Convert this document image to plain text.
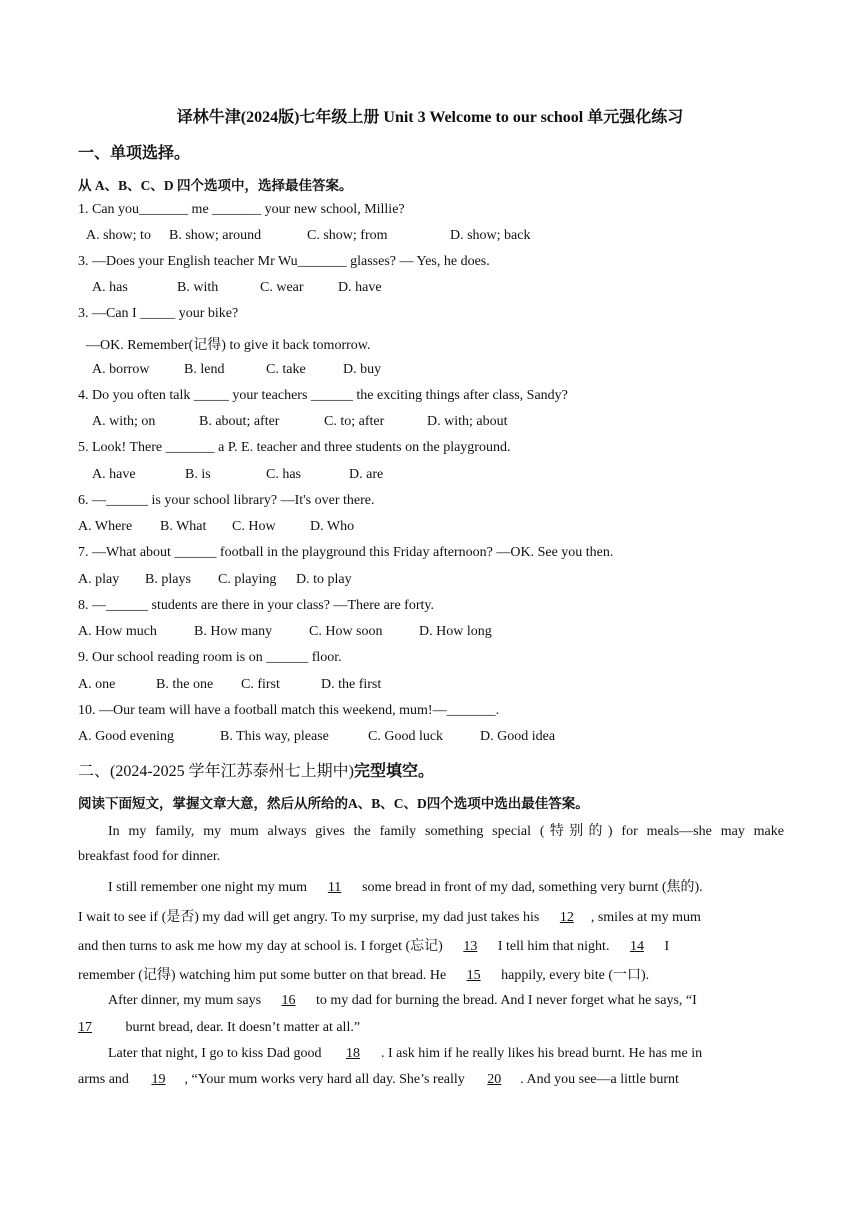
译林牛津(2024版)七年级上册 Unit 3 Welcome to our school 单元强化练习
一、单项选择。
从 A、B、C、D 四个选项中，选择最佳答案。
1. Can you_______ me _______ your new school, Millie?
A. show; to B. show; around	C. show; from	D. show; back
3. —Does your English teacher Mr Wu_______ glasses? — Yes, he does.
A. has	B. with	C. wear D. have
3. —Can I _____ your bike?
—OK. Remember(记得) to give it back tomorrow.
A. borrow B. lend	C. take	D. buy
4. Do you often talk _____ your teachers ______ the exciting things after class, Sandy?
A. with; on	B. about; after	C. to; after	D. with; about
5. Look! There _______ a P. E. teacher and three students on the playground.
A. have	B. is	C. has	D. are
6. —______ is your school library? —It's over there.
A. Where B. What C. How D. Who
7. —What about ______ football in the playground this Friday afternoon? —OK. See you then.
A. play B. plays C. playing D. to play
8. —______ students are there in your class? —There are forty.
A. How much	B. How many	C. How soon	D. How long
9. Our school reading room is on ______ floor.
A. one	B. the one C. first	D. the first
10. —Our team will have a football match this weekend, mum!—_______.
A. Good evening	B. This way, please	C. Good luck	D. Good idea
二、(2024-2025 学年江苏泰州七上期中)完型填空。
阅读下面短文，掌握文章大意，然后从所给的A、B、C、D四个选项中选出最佳答案。
In my family, my mum always gives the family something special (特别的) for meals—she may make
breakfast food for dinner.
I still remember one night my mum 11 some bread in front of my dad, something very burnt (焦的).
I wait to see if (是否) my dad will get angry. To my surprise, my dad just takes his 12 , smiles at my mum
and then turns to ask me how my day at school is. I forget (忘记) 13 I tell him that night. 14 I
remember (记得) watching him put some butter on that bread. He 15 happily, every bite (一口).
After dinner, my mum says 16 to my dad for burning the bread. And I never forget what he says, “I
17 burnt bread, dear. It doesn’t matter at all.”
Later that night, I go to kiss Dad good 18 . I ask him if he really likes his bread burnt. He has me in
arms and 19 , “Your mum works very hard all day. She’s really 20 . And you see—a little burnt
